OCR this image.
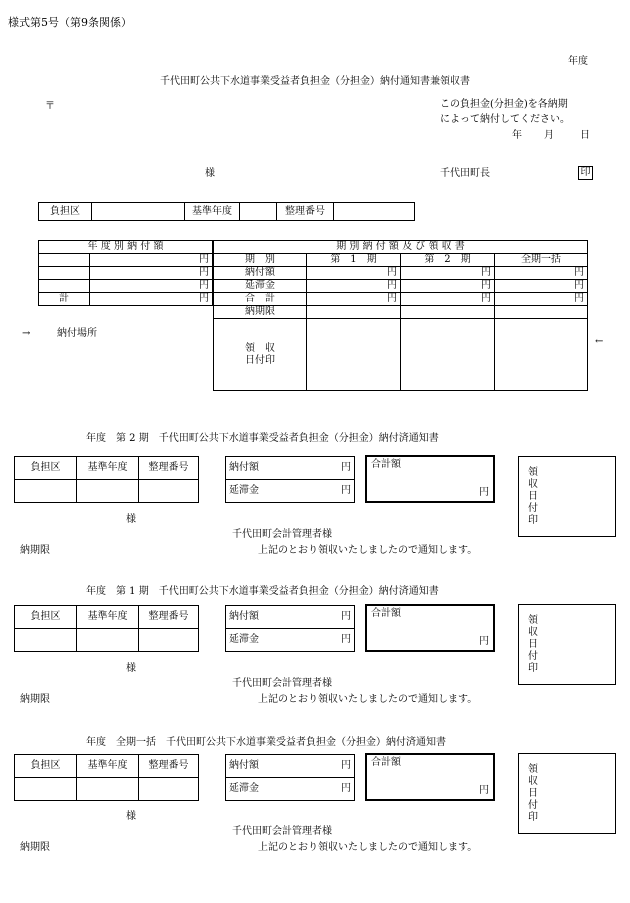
様式第5号（第9条関係）
年度
千代田町公共下水道事業受益者負担金（分担金）納付通知書兼領収書
〒	この負担金(分担金)を各納期
によって納付してください。
年 月	日
様	千代田町長	印
負担区		基準年度		整理番号	
年 度 別 納 付 額	
	円
	円
	円
計	円
期 別 納 付 額 及 び 領 収 書			
期　別	第　1　期	第　2　期	全期一括
納付額	円	円	円
延滞金	円	円	円
合　計	円	円	円
納期限			

領　収
日付印			

→	納付場所
←
年度　第 2 期　千代田町公共下水道事業受益者負担金（分担金）納付済通知書
負担区	基準年度	整理番号
			納付額	円
延滞金	円
合計額
円
領収日付印
様
千代田町会計管理者様
納期限	上記のとおり領収いたしましたので通知します。
年度　第 1 期　千代田町公共下水道事業受益者負担金（分担金）納付済通知書
負担区	基準年度	整理番号
			納付額	円
延滞金	円
合計額
円
領収日付印
様
千代田町会計管理者様
納期限	上記のとおり領収いたしましたので通知します。
年度　全期一括　千代田町公共下水道事業受益者負担金（分担金）納付済通知書
負担区	基準年度	整理番号
			納付額	円
延滞金	円
合計額
円
領収日付印
様
千代田町会計管理者様
納期限	上記のとおり領収いたしましたので通知します。
